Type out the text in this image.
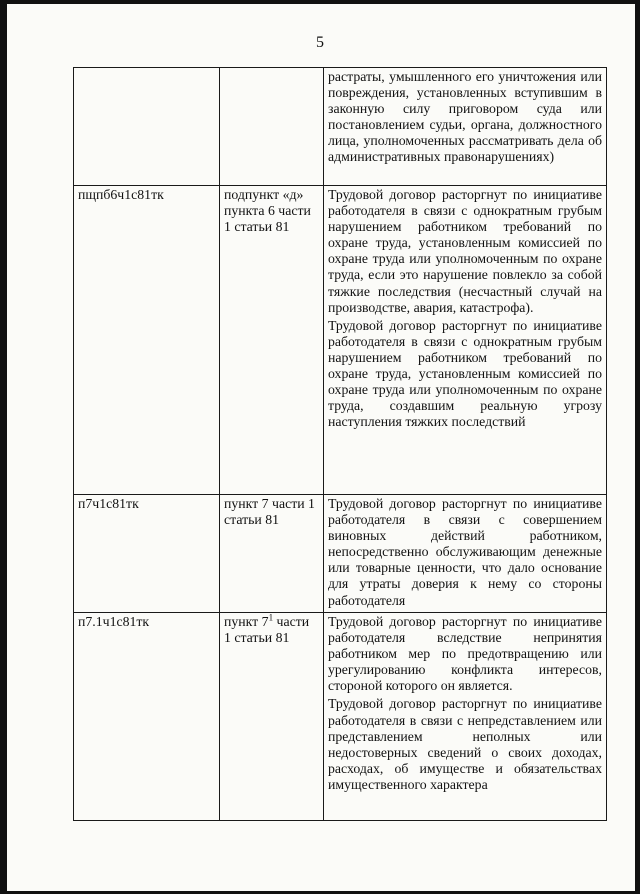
5

		растраты, умышленного его уничтожения или повреждения, установленных вступившим в законную силу приговором суда или постановлением судьи, органа, должностного лица, уполномоченных рассматривать дела об административных правонарушениях)

пщпб6ч1с81тк	подпункт «д» пункта 6 части 1 статьи 81	Трудовой договор расторгнут по инициативе работодателя в связи с однократным грубым нарушением работником требований по охране труда, установленным комиссией по охране труда или уполномоченным по охране труда, если это нарушение повлекло за собой тяжкие последствия (несчастный случай на производстве, авария, катастрофа).

Трудовой договор расторгнут по инициативе работодателя в связи с однократным грубым нарушением работником требований по охране труда, установленным комиссией по охране труда или уполномоченным по охране труда, создавшим реальную угрозу наступления тяжких последствий

п7ч1с81тк	пункт 7 части 1 статьи 81	Трудовой договор расторгнут по инициативе работодателя в связи с совершением виновных действий работником, непосредственно обслуживающим денежные или товарные ценности, что дало основание для утраты доверия к нему со стороны работодателя

п7.1ч1с81тк	пункт $7^1$ части 1 статьи 81	Трудовой договор расторгнут по инициативе работодателя вследствие непринятия работником мер по предотвращению или урегулированию конфликта интересов, стороной которого он является.

Трудовой договор расторгнут по инициативе работодателя в связи с непредставлением или представлением неполных или недостоверных сведений о своих доходах, расходах, об имуществе и обязательствах имущественного характера
